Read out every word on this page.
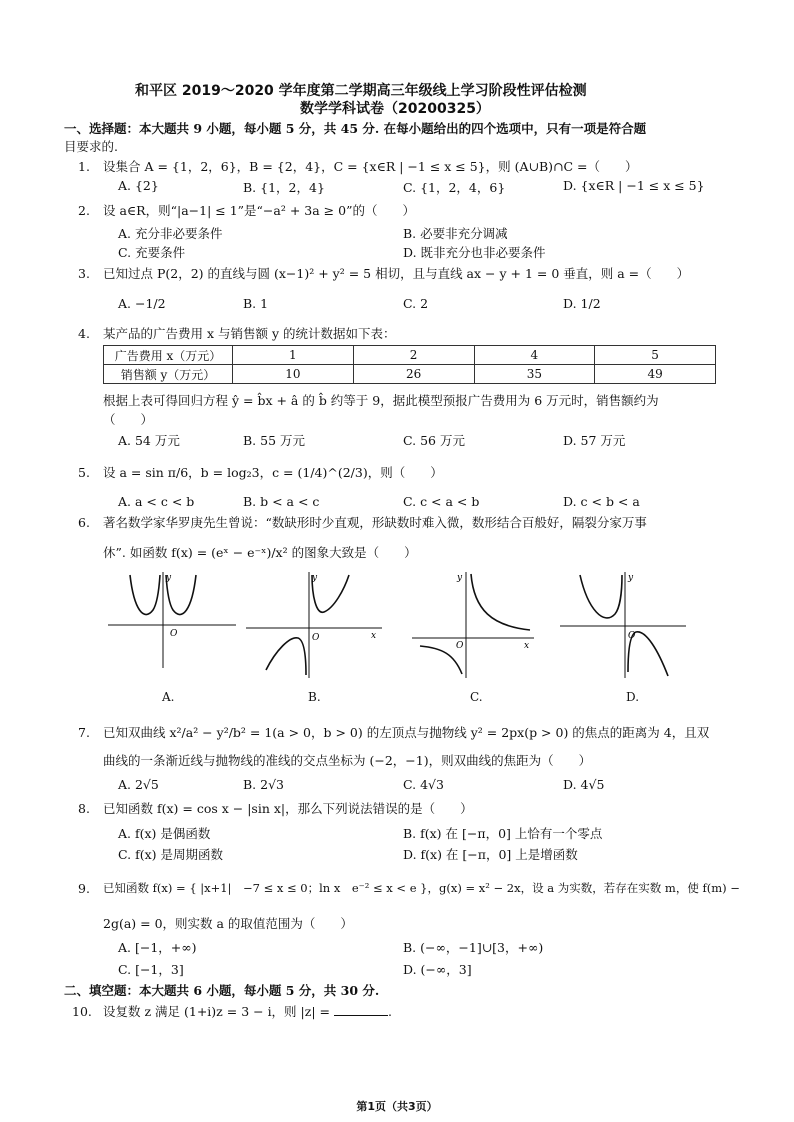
和平区 2019～2020 学年度第二学期高三年级线上学习阶段性评估检测
数学学科试卷（20200325）
一、选择题：本大题共 9 小题，每小题 5 分，共 45 分. 在每小题给出的四个选项中，只有一项是符合题
目要求的.
1. 设集合 A = {1，2，6}，B = {2，4}，C = {x∈R | −1 ≤ x ≤ 5}，则 (A∪B)∩C =（　　）
A. {2}	B. {1，2，4}	C. {1，2，4，6}	D. {x∈R | −1 ≤ x ≤ 5}
2. 设 a∈R，则“|a−1| ≤ 1”是“−a² + 3a ≥ 0”的（　　）
A. 充分非必要条件	B. 必要非充分调减
C. 充要条件	D. 既非充分也非必要条件
3. 已知过点 P(2，2) 的直线与圆 (x−1)² + y² = 5 相切，且与直线 ax − y + 1 = 0 垂直，则 a =（　　）
A. −1/2	B. 1	C. 2	D. 1/2
4. 某产品的广告费用 x 与销售额 y 的统计数据如下表：
广告费用 x（万元）	1	2	4	5
销售额 y（万元）	10	26	35	49
根据上表可得回归方程 ŷ = b̂x + â 的 b̂ 约等于 9，据此模型预报广告费用为 6 万元时，销售额约为
（　　）
A. 54 万元	B. 55 万元	C. 56 万元	D. 57 万元
5. 设 a = sin π/6，b = log₂3，c = (1/4)^(2/3)，则（　　）
A. a < c < b	B. b < a < c	C. c < a < b	D. c < b < a
6. 著名数学家华罗庚先生曾说：“数缺形时少直观，形缺数时难入微，数形结合百般好，隔裂分家万事
休”. 如函数 f(x) = (eˣ − e⁻ˣ)/x² 的图象大致是（　　）
y
O
A.
y
x
O
B.
y
x
O
C.
y
O
D.
7. 已知双曲线 x²/a² − y²/b² = 1(a > 0，b > 0) 的左顶点与抛物线 y² = 2px(p > 0) 的焦点的距离为 4，且双
曲线的一条渐近线与抛物线的准线的交点坐标为 (−2，−1)，则双曲线的焦距为（　　）
A. 2√5	B. 2√3	C. 4√3	D. 4√5
8. 已知函数 f(x) = cos x − |sin x|，那么下列说法错误的是（　　）
A. f(x) 是偶函数	B. f(x) 在 [−π，0] 上恰有一个零点
C. f(x) 是周期函数	D. f(x) 在 [−π，0] 上是增函数
9. 已知函数 f(x) = { |x+1|　−7 ≤ x ≤ 0；ln x　e⁻² ≤ x < e }，g(x) = x² − 2x，设 a 为实数，若存在实数 m，使 f(m) −
2g(a) = 0，则实数 a 的取值范围为（　　）
A. [−1，+∞)	B. (−∞，−1]∪[3，+∞)
C. [−1，3]	D. (−∞，3]
二、填空题：本大题共 6 小题，每小题 5 分，共 30 分.
10. 设复数 z 满足 (1+i)z = 3 − i，则 |z| =	.
第1页（共3页）
